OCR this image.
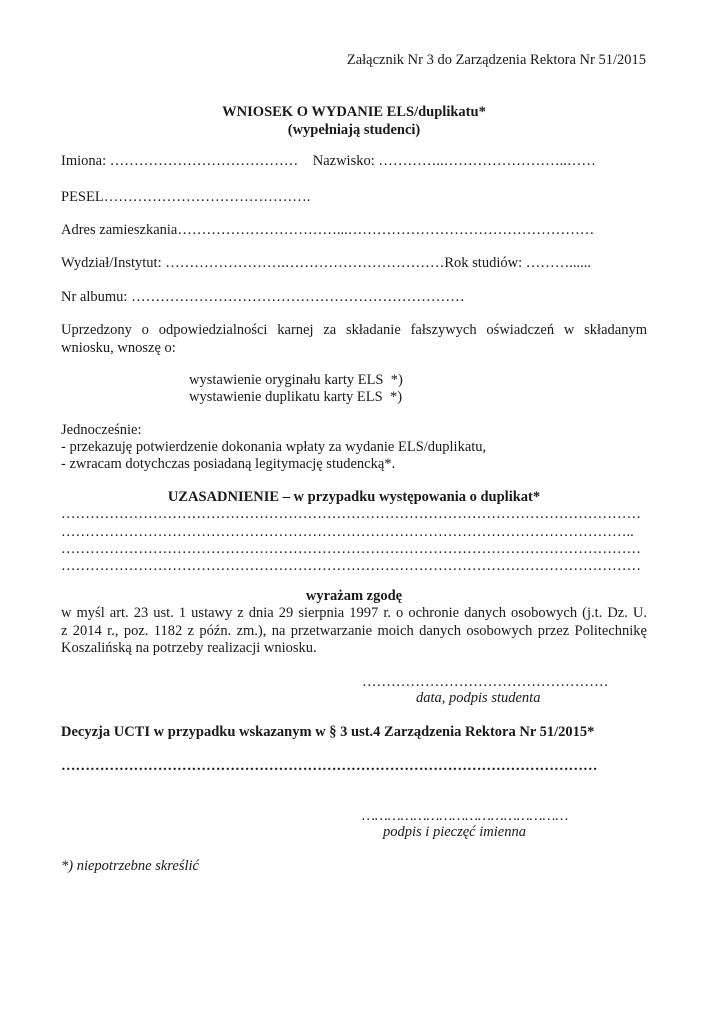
Załącznik Nr 3 do Zarządzenia Rektora Nr 51/2015
WNIOSEK O WYDANIE ELS/duplikatu*
(wypełniają studenci)
Imiona: …………………………………    Nazwisko: …………..……………………..……
PESEL…………………………………….
Adres zamieszkania……………………………...……………………………………………
Wydział/Instytut: …………………….……………………………Rok studiów: ………......
Nr albumu: ……………………………………………………………
Uprzedzony o odpowiedzialności karnej za składanie fałszywych oświadczeń w składanym
wniosku, wnoszę o:
wystawienie oryginału karty ELS  *)
wystawienie duplikatu karty ELS  *)
Jednocześnie:
- przekazuję potwierdzenie dokonania wpłaty za wydanie ELS/duplikatu,
- zwracam dotychczas posiadaną legitymację studencką*.
UZASADNIENIE – w przypadku występowania o duplikat*
…………………………………………………………………………………………………………
………………………………………………………………………………………………………..
…………………………………………………………………………………………………………
…………………………………………………………………………………………………………
wyrażam zgodę
w myśl art. 23 ust. 1 ustawy z dnia 29 sierpnia 1997 r. o ochronie danych osobowych (j.t. Dz. U.
z 2014 r., poz. 1182 z późn. zm.), na przetwarzanie moich danych osobowych przez Politechnikę
Koszalińską na potrzeby realizacji wniosku.
……………………………………………
data, podpis studenta
Decyzja UCTI w przypadku wskazanym w § 3 ust.4 Zarządzenia Rektora Nr 51/2015*
…………………………………………………………………………………………………
…………………………………………
podpis i pieczęć imienna
*) niepotrzebne skreślić
